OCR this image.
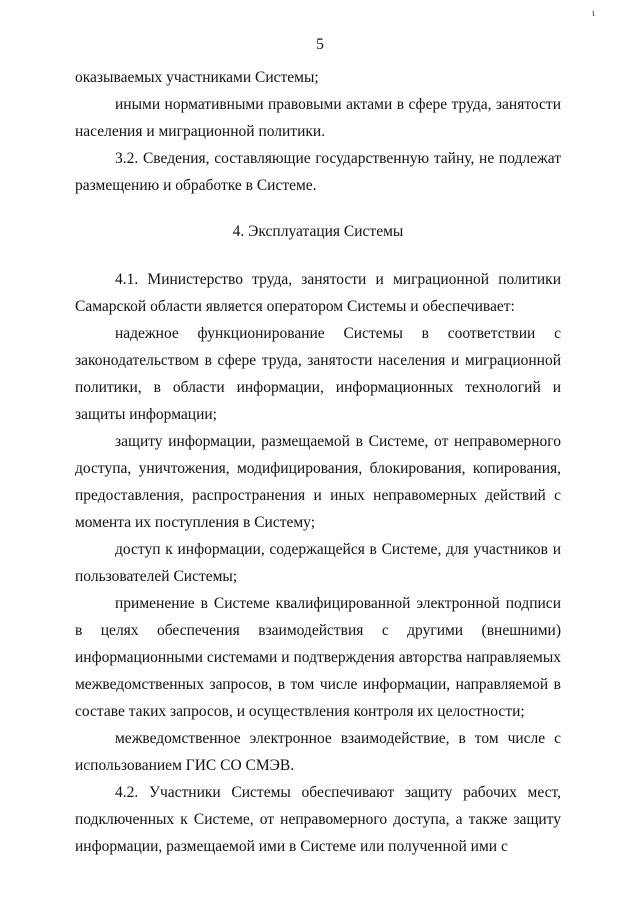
ι
5

оказываемых участниками Системы;

иными нормативными правовыми актами в сфере труда, занятости населения и миграционной политики.

3.2. Сведения, составляющие государственную тайну, не подлежат размещению и обработке в Системе.

4. Эксплуатация Системы

4.1. Министерство труда, занятости и миграционной политики Самарской области является оператором Системы и обеспечивает:

надежное функционирование Системы в соответствии с законодательством в сфере труда, занятости населения и миграционной политики, в области информации, информационных технологий и защиты информации;

защиту информации, размещаемой в Системе, от неправомерного доступа, уничтожения, модифицирования, блокирования, копирования, предоставления, распространения и иных неправомерных действий с момента их поступления в Систему;

доступ к информации, содержащейся в Системе, для участников и пользователей Системы;

применение в Системе квалифицированной электронной подписи в целях обеспечения взаимодействия с другими (внешними) информационными системами и подтверждения авторства направляемых межведомственных запросов, в том числе информации, направляемой в составе таких запросов, и осуществления контроля их целостности;

межведомственное электронное взаимодействие, в том числе с использованием ГИС СО СМЭВ.

4.2. Участники Системы обеспечивают защиту рабочих мест, подключенных к Системе, от неправомерного доступа, а также защиту информации, размещаемой ими в Системе или полученной ими с
